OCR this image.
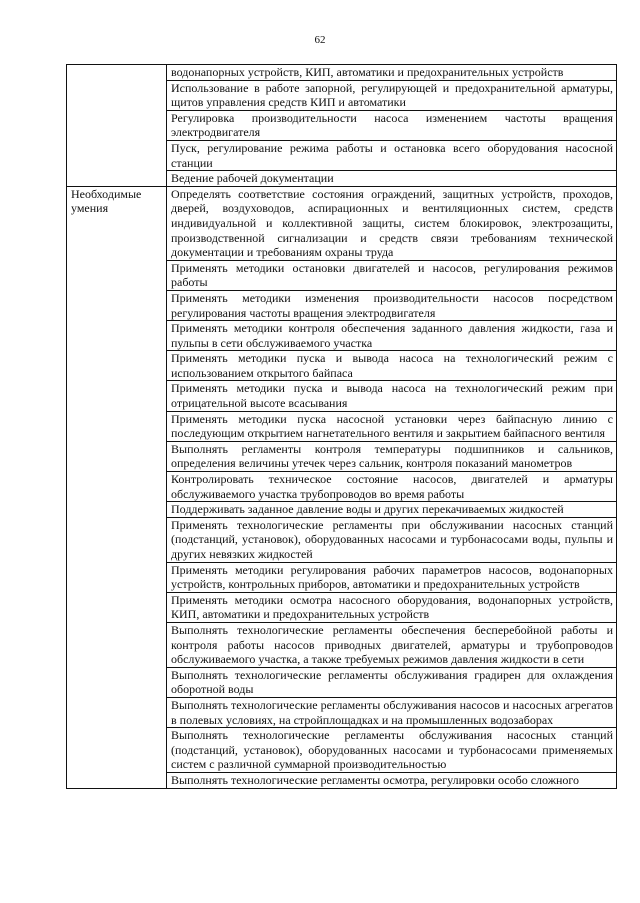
62
	водонапорных устройств, КИП, автоматики и предохранительных устройств
	Использование в работе запорной, регулирующей и предохранительной арматуры, щитов управления средств КИП и автоматики
	Регулировка производительности насоса изменением частоты вращения электродвигателя
	Пуск, регулирование режима работы и остановка всего оборудования насосной станции
	Ведение рабочей документации
Необходимые умения	Определять соответствие состояния ограждений, защитных устройств, проходов, дверей, воздуховодов, аспирационных и вентиляционных систем, средств индивидуальной и коллективной защиты, систем блокировок, электрозащиты, производственной сигнализации и средств связи требованиям технической документации и требованиям охраны труда
	Применять методики остановки двигателей и насосов, регулирования режимов работы
	Применять методики изменения производительности насосов посредством регулирования частоты вращения электродвигателя
	Применять методики контроля обеспечения заданного давления жидкости, газа и пульпы в сети обслуживаемого участка
	Применять методики пуска и вывода насоса на технологический режим с использованием открытого байпаса
	Применять методики пуска и вывода насоса на технологический режим при отрицательной высоте всасывания
	Применять методики пуска насосной установки через байпасную линию с последующим открытием нагнетательного вентиля и закрытием байпасного вентиля
	Выполнять регламенты контроля температуры подшипников и сальников, определения величины утечек через сальник, контроля показаний манометров
	Контролировать техническое состояние насосов, двигателей и арматуры обслуживаемого участка трубопроводов во время работы
	Поддерживать заданное давление воды и других перекачиваемых жидкостей
	Применять технологические регламенты при обслуживании насосных станций (подстанций, установок), оборудованных насосами и турбонасосами воды, пульпы и других невязких жидкостей
	Применять методики регулирования рабочих параметров насосов, водонапорных устройств, контрольных приборов, автоматики и предохранительных устройств
	Применять методики осмотра насосного оборудования, водонапорных устройств, КИП, автоматики и предохранительных устройств
	Выполнять технологические регламенты обеспечения бесперебойной работы и контроля работы насосов приводных двигателей, арматуры и трубопроводов обслуживаемого участка, а также требуемых режимов давления жидкости в сети
	Выполнять технологические регламенты обслуживания градирен для охлаждения оборотной воды
	Выполнять технологические регламенты обслуживания насосов и насосных агрегатов в полевых условиях, на стройплощадках и на промышленных водозаборах
	Выполнять технологические регламенты обслуживания насосных станций (подстанций, установок), оборудованных насосами и турбонасосами применяемых систем с различной суммарной производительностью
	Выполнять технологические регламенты осмотра, регулировки особо сложного
